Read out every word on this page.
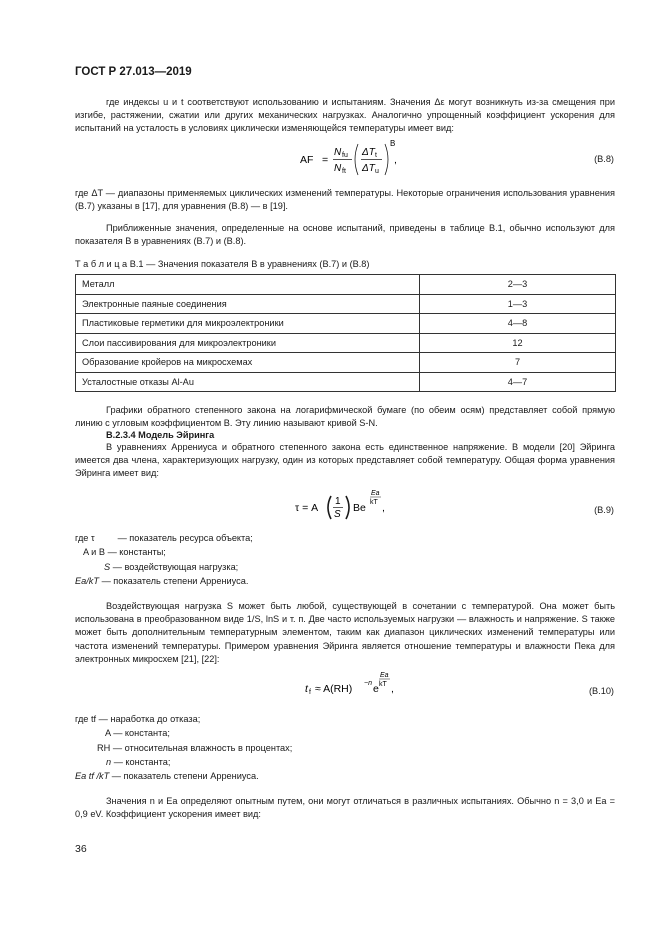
ГОСТ Р 27.013—2019
где индексы u и t соответствуют использованию и испытаниям. Значения Δε могут возникнуть из-за смещения при изгибе, растяжении, сжатии или других механических нагрузках. Аналогично упрощенный коэффициент ускорения для испытаний на усталость в условиях циклически изменяющейся температуры имеет вид:
AF =
N fu
N ft
ΔT t
ΔT u
B
,	(B.8)
где ΔT — диапазоны применяемых циклических изменений температуры. Некоторые ограничения использования уравнения (B.7) указаны в [17], для уравнения (B.8) — в [19].
Приближенные значения, определенные на основе испытаний, приведены в таблице B.1, обычно используют для показателя B в уравнениях (B.7) и (B.8).
Т а б л и ц а B.1 — Значения показателя B в уравнениях (B.7) и (B.8)
Металл	2—3
Электронные паяные соединения	1—3
Пластиковые герметики для микроэлектроники	4—8
Слои пассивирования для микроэлектроники	12
Образование кройеров на микросхемах	7
Усталостные отказы Al-Au	4—7
Графики обратного степенного закона на логарифмической бумаге (по обеим осям) представляет собой прямую линию с угловым коэффициентом B. Эту линию называют кривой S-N.
B.2.3.4 Модель Эйринга
В уравнениях Аррениуса и обратного степенного закона есть единственное напряжение. В модели [20] Эйринга имеется два члена, характеризующих нагрузку, один из которых представляет собой температуру. Общая форма уравнения Эйринга имеет вид:
τ = A
1
S
Be
Ea
kT ,	(B.9)
где τ — показатель ресурса объекта;
A и B — константы;
S — воздействующая нагрузка;
Ea/kT — показатель степени Аррениуса.
Воздействующая нагрузка S может быть любой, существующей в сочетании с температурой. Она может быть использована в преобразованном виде 1/S, lnS и т. п. Две часто используемых нагрузки — влажность и напряжение. S также может быть дополнительным температурным элементом, таким как диапазон циклических изменений температуры или частота изменений температуры. Примером уравнения Эйринга является отношение температуры и влажности Пека для электронных микросхем [21], [22]:
t f ≈ A(RH) −n e
Ea
kT ,	(B.10)
где tf — наработка до отказа;
A — константа;
RH — относительная влажность в процентах;
n — константа;
Ea tf /kT — показатель степени Аррениуса.
Значения n и Ea определяют опытным путем, они могут отличаться в различных испытаниях. Обычно n = 3,0 и Ea = 0,9 eV. Коэффициент ускорения имеет вид:
36
